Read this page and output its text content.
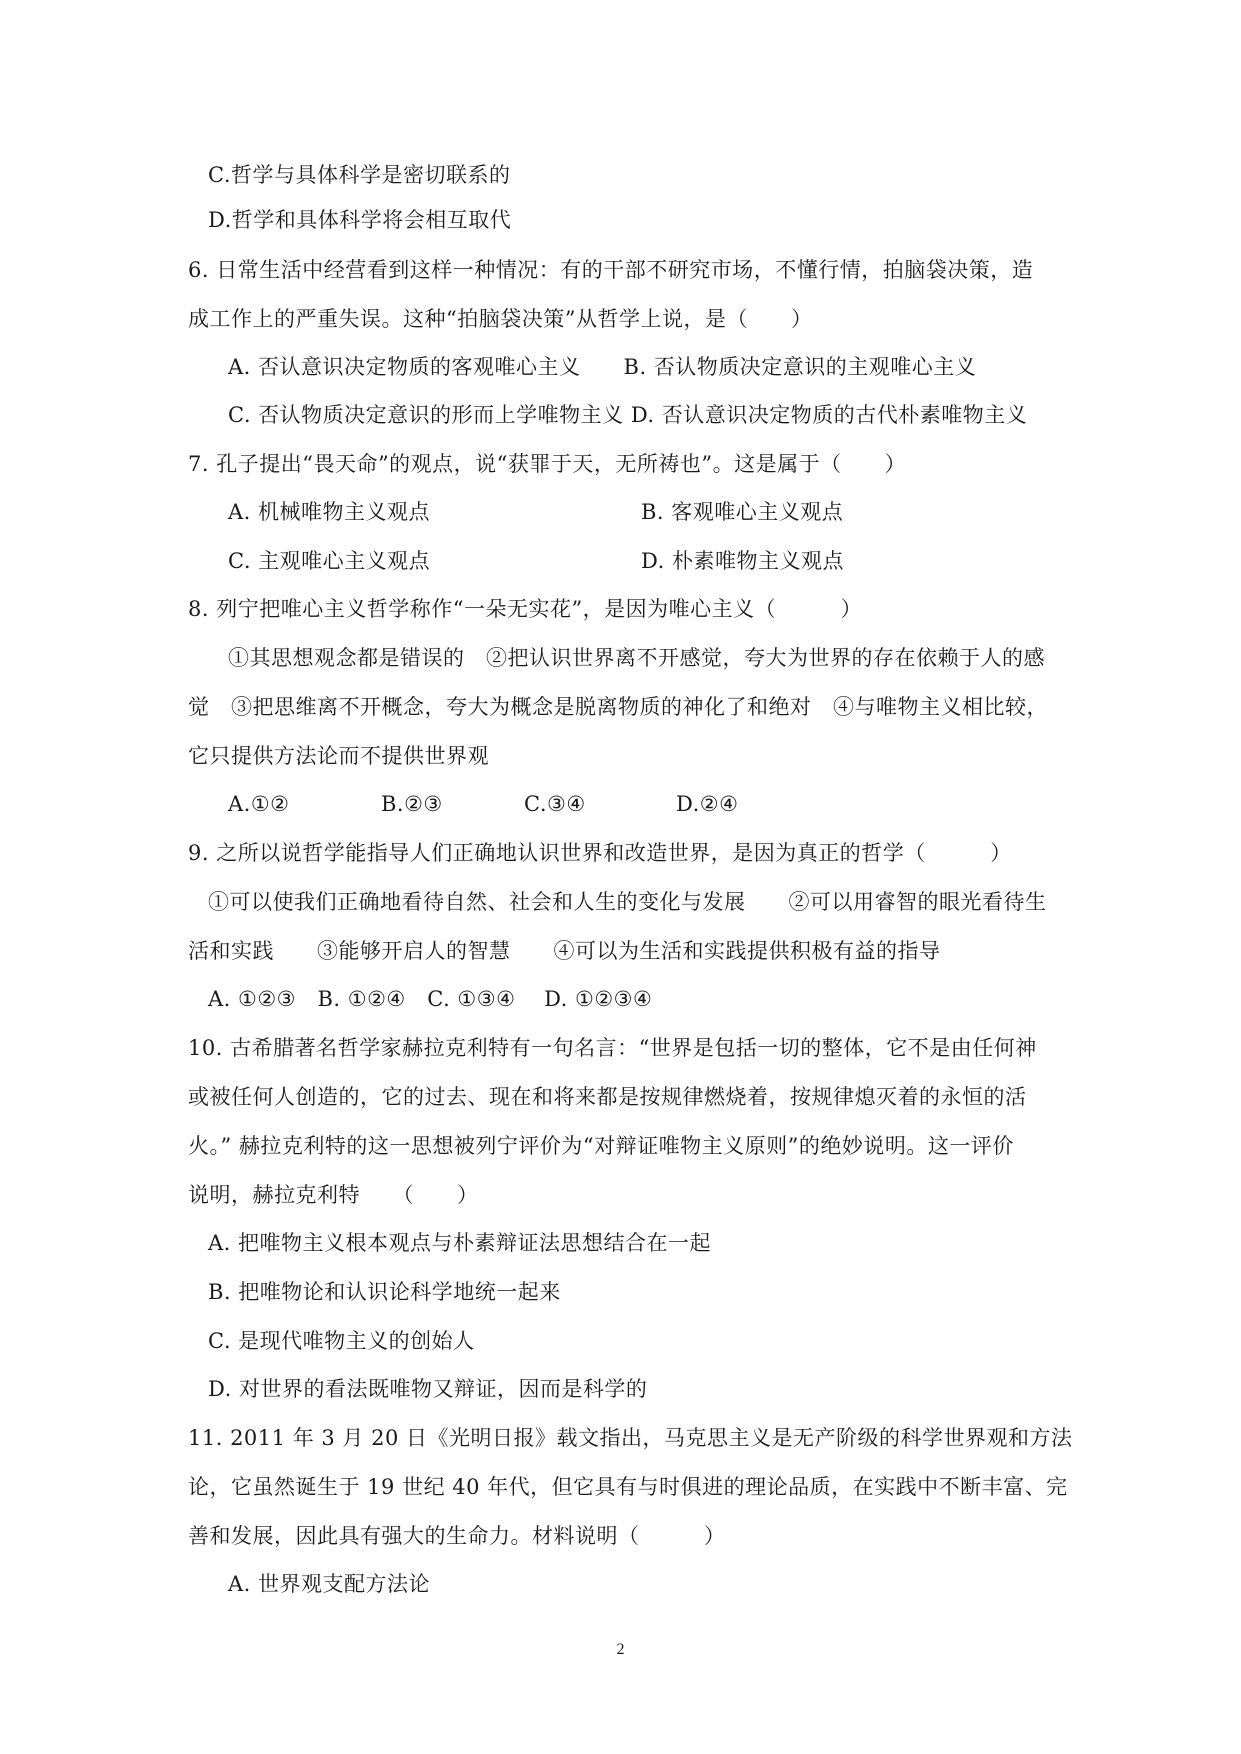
C.哲学与具体科学是密切联系的
D.哲学和具体科学将会相互取代
6. 日常生活中经营看到这样一种情况：有的干部不研究市场，不懂行情，拍脑袋决策，造
成工作上的严重失误。这种“拍脑袋决策”从哲学上说，是（　　）
A. 否认意识决定物质的客观唯心主义　　B. 否认物质决定意识的主观唯心主义
C. 否认物质决定意识的形而上学唯物主义 D. 否认意识决定物质的古代朴素唯物主义
7. 孔子提出“畏天命”的观点，说“获罪于天，无所祷也”。这是属于（　　）
A. 机械唯物主义观点	B. 客观唯心主义观点
C. 主观唯心主义观点	D. 朴素唯物主义观点
8. 列宁把唯心主义哲学称作“一朵无实花”，是因为唯心主义（　　　）
①其思想观念都是错误的　②把认识世界离不开感觉，夸大为世界的存在依赖于人的感
觉　③把思维离不开概念，夸大为概念是脱离物质的神化了和绝对　④与唯物主义相比较，
它只提供方法论而不提供世界观
A.①②	B.②③	C.③④	D.②④
9. 之所以说哲学能指导人们正确地认识世界和改造世界，是因为真正的哲学（　　　）
①可以使我们正确地看待自然、社会和人生的变化与发展　　②可以用睿智的眼光看待生
活和实践　　③能够开启人的智慧　　④可以为生活和实践提供积极有益的指导
A. ①②③　B. ①②④　C. ①③④　 D. ①②③④
10. 古希腊著名哲学家赫拉克利特有一句名言：“世界是包括一切的整体，它不是由任何神
或被任何人创造的，它的过去、现在和将来都是按规律燃烧着，按规律熄灭着的永恒的活
火。” 赫拉克利特的这一思想被列宁评价为“对辩证唯物主义原则”的绝妙说明。这一评价
说明，赫拉克利特　　（　　）
A. 把唯物主义根本观点与朴素辩证法思想结合在一起
B. 把唯物论和认识论科学地统一起来
C. 是现代唯物主义的创始人
D. 对世界的看法既唯物又辩证，因而是科学的
11. 2011 年 3 月 20 日《光明日报》载文指出，马克思主义是无产阶级的科学世界观和方法
论，它虽然诞生于 19 世纪 40 年代，但它具有与时俱进的理论品质，在实践中不断丰富、完
善和发展，因此具有强大的生命力。材料说明（　　　）
A. 世界观支配方法论
2
